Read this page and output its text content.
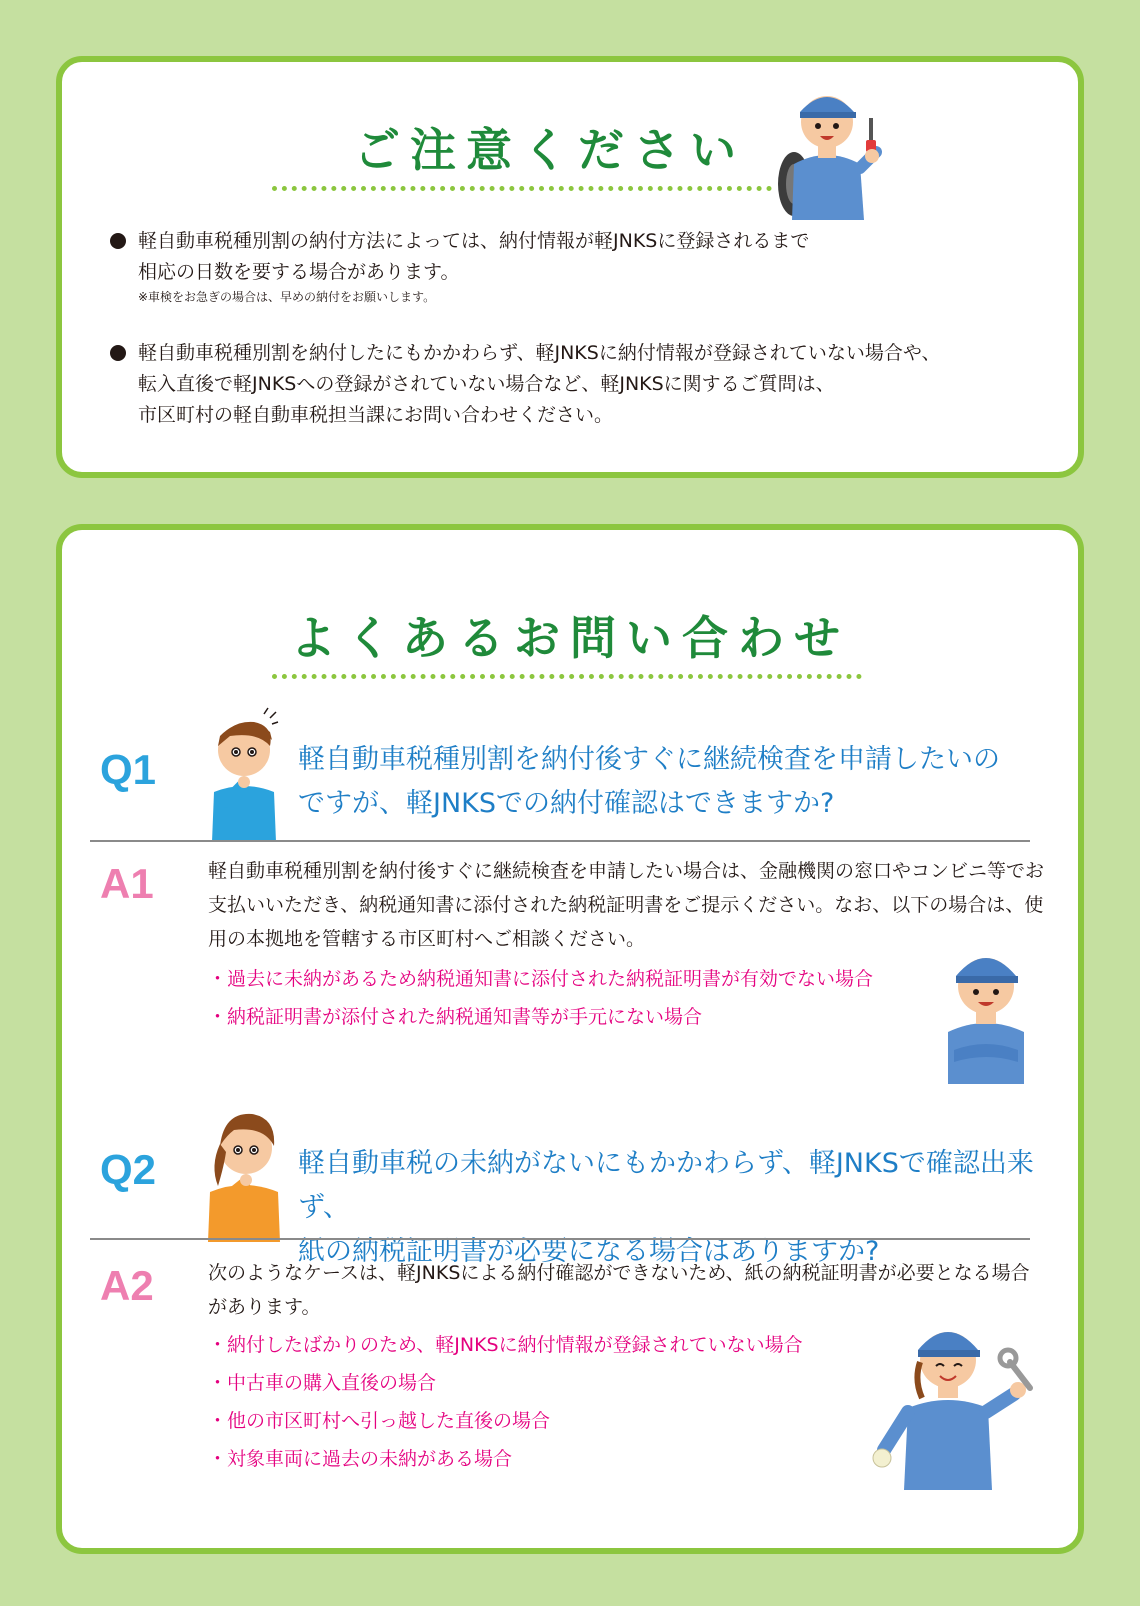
ご注意ください
軽自動車税種別割の納付方法によっては、納付情報が軽JNKSに登録されるまで
相応の日数を要する場合があります。
※車検をお急ぎの場合は、早めの納付をお願いします。
軽自動車税種別割を納付したにもかかわらず、軽JNKSに納付情報が登録されていない場合や、
転入直後で軽JNKSへの登録がされていない場合など、軽JNKSに関するご質問は、
市区町村の軽自動車税担当課にお問い合わせください。
よくあるお問い合わせ
Q1	軽自動車税種別割を納付後すぐに継続検査を申請したいの
ですが、軽JNKSでの納付確認はできますか?
A1	軽自動車税種別割を納付後すぐに継続検査を申請したい場合は、金融機関の窓口やコンビニ等でお支払いいただき、納税通知書に添付された納税証明書をご提示ください。なお、以下の場合は、使用の本拠地を管轄する市区町村へご相談ください。
・ 過去に未納があるため納税通知書に添付された納税証明書が有効でない場合
・ 納税証明書が添付された納税通知書等が手元にない場合
Q2	軽自動車税の未納がないにもかかわらず、軽JNKSで確認出来ず、
紙の納税証明書が必要になる場合はありますか?
A2	次のようなケースは、軽JNKSによる納付確認ができないため、紙の納税証明書が必要となる場合があります。
・ 納付したばかりのため、軽JNKSに納付情報が登録されていない場合
・ 中古車の購入直後の場合
・ 他の市区町村へ引っ越した直後の場合
・ 対象車両に過去の未納がある場合
